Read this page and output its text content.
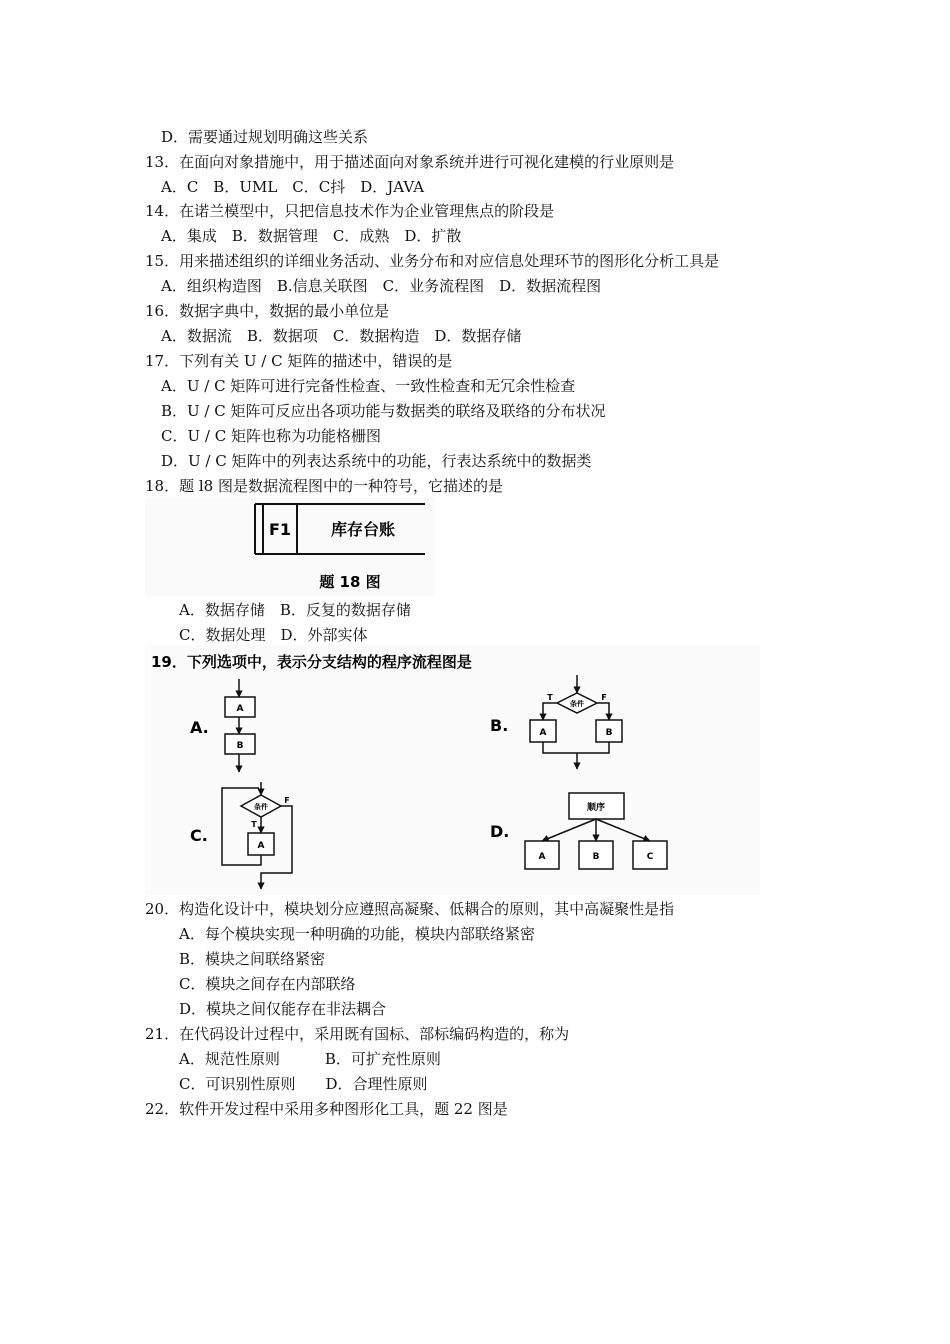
D．需要通过规划明确这些关系
13．在面向对象措施中，用于描述面向对象系统并进行可视化建模的行业原则是
A．C　B．UML　C．C抖　D．JAVA
14．在诺兰模型中，只把信息技术作为企业管理焦点的阶段是
A．集成　B．数据管理　C．成熟　D．扩散
15．用来描述组织的详细业务活动、业务分布和对应信息处理环节的图形化分析工具是
A．组织构造图　B.信息关联图　C．业务流程图　D．数据流程图
16．数据字典中，数据的最小单位是
A．数据流　B．数据项　C．数据构造　D．数据存储
17．下列有关 U / C 矩阵的描述中，错误的是
A．U / C 矩阵可进行完备性检查、一致性检查和无冗余性检查
B．U / C 矩阵可反应出各项功能与数据类的联络及联络的分布状况
C．U / C 矩阵也称为功能格栅图
D．U / C 矩阵中的列表达系统中的功能，行表达系统中的数据类
18．题 l8 图是数据流程图中的一种符号，它描述的是
F1 库存台账
题 18 图
A．数据存储　B．反复的数据存储
C．数据处理　D．外部实体
19．下列选项中，表示分支结构的程序流程图是
A.
A
B
B.
条件
T	F
A	B
C.
条件
T
F
A
D.
顺序
A	B	C
20．构造化设计中，模块划分应遵照高凝聚、低耦合的原则，其中高凝聚性是指
A．每个模块实现一种明确的功能，模块内部联络紧密
B．模块之间联络紧密
C．模块之间存在内部联络
D．模块之间仅能存在非法耦合
21．在代码设计过程中，采用既有国标、部标编码构造的，称为
A．规范性原则　　　B．可扩充性原则
C．可识别性原则　　D．合理性原则
22．软件开发过程中采用多种图形化工具，题 22 图是
